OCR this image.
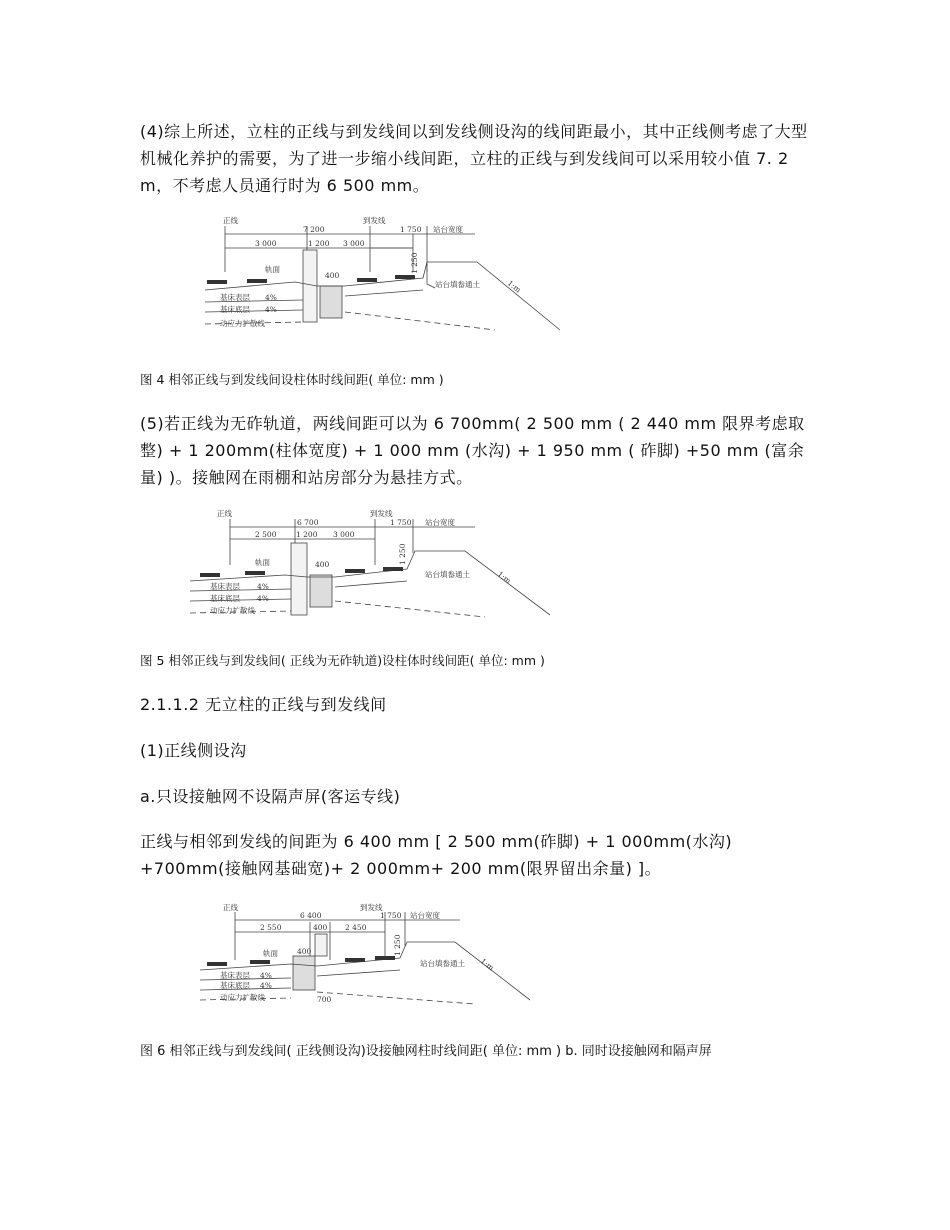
(4)综上所述，立柱的正线与到发线间以到发线侧设沟的线间距最小，其中正线侧考虑了大型机械化养护的需要，为了进一步缩小线间距，立柱的正线与到发线间可以采用较小值 7. 2 m，不考虑人员通行时为 6 500 mm。

正线	到发线
7 200
3 000	1 200 3 000
1 750 站台宽度
轨面
400
1 250
站台填畚通土	1:m
基床表层 4%
基床底层 4%
动应力扩散线

图 4 相邻正线与到发线间设柱体时线间距( 单位: mm )

(5)若正线为无砟轨道，两线间距可以为 6 700mm( 2 500 mm ( 2 440 mm 限界考虑取整) + 1 200mm(柱体宽度) + 1 000 mm (水沟) + 1 950 mm ( 砟脚) +50 mm (富余量) )。接触网在雨棚和站房部分为悬挂方式。

正线	到发线
6 700
2 500	1 200 3 000
1 750 站台宽度
轨面	400	1 250
站台填畚通土	1:m
基床表层 4%
基床底层 4%
动应力扩散线

图 5 相邻正线与到发线间( 正线为无砟轨道)设柱体时线间距( 单位: mm )

2.1.1.2 无立柱的正线与到发线间

(1)正线侧设沟

a.只设接触网不设隔声屏(客运专线)

正线与相邻到发线的间距为 6 400 mm [ 2 500 mm(砟脚) + 1 000mm(水沟) +700mm(接触网基础宽)+ 2 000mm+ 200 mm(限界留出余量) ]。

正线	到发线
6 400
2 550	400 2 450
1 750 站台宽度
轨面	400	1 250
站台填畚通土 1:m
基床表层 4%
基床底层 4%
动应力扩散线	700

图 6 相邻正线与到发线间( 正线侧设沟)设接触网柱时线间距( 单位: mm ) b. 同时设接触网和隔声屏
